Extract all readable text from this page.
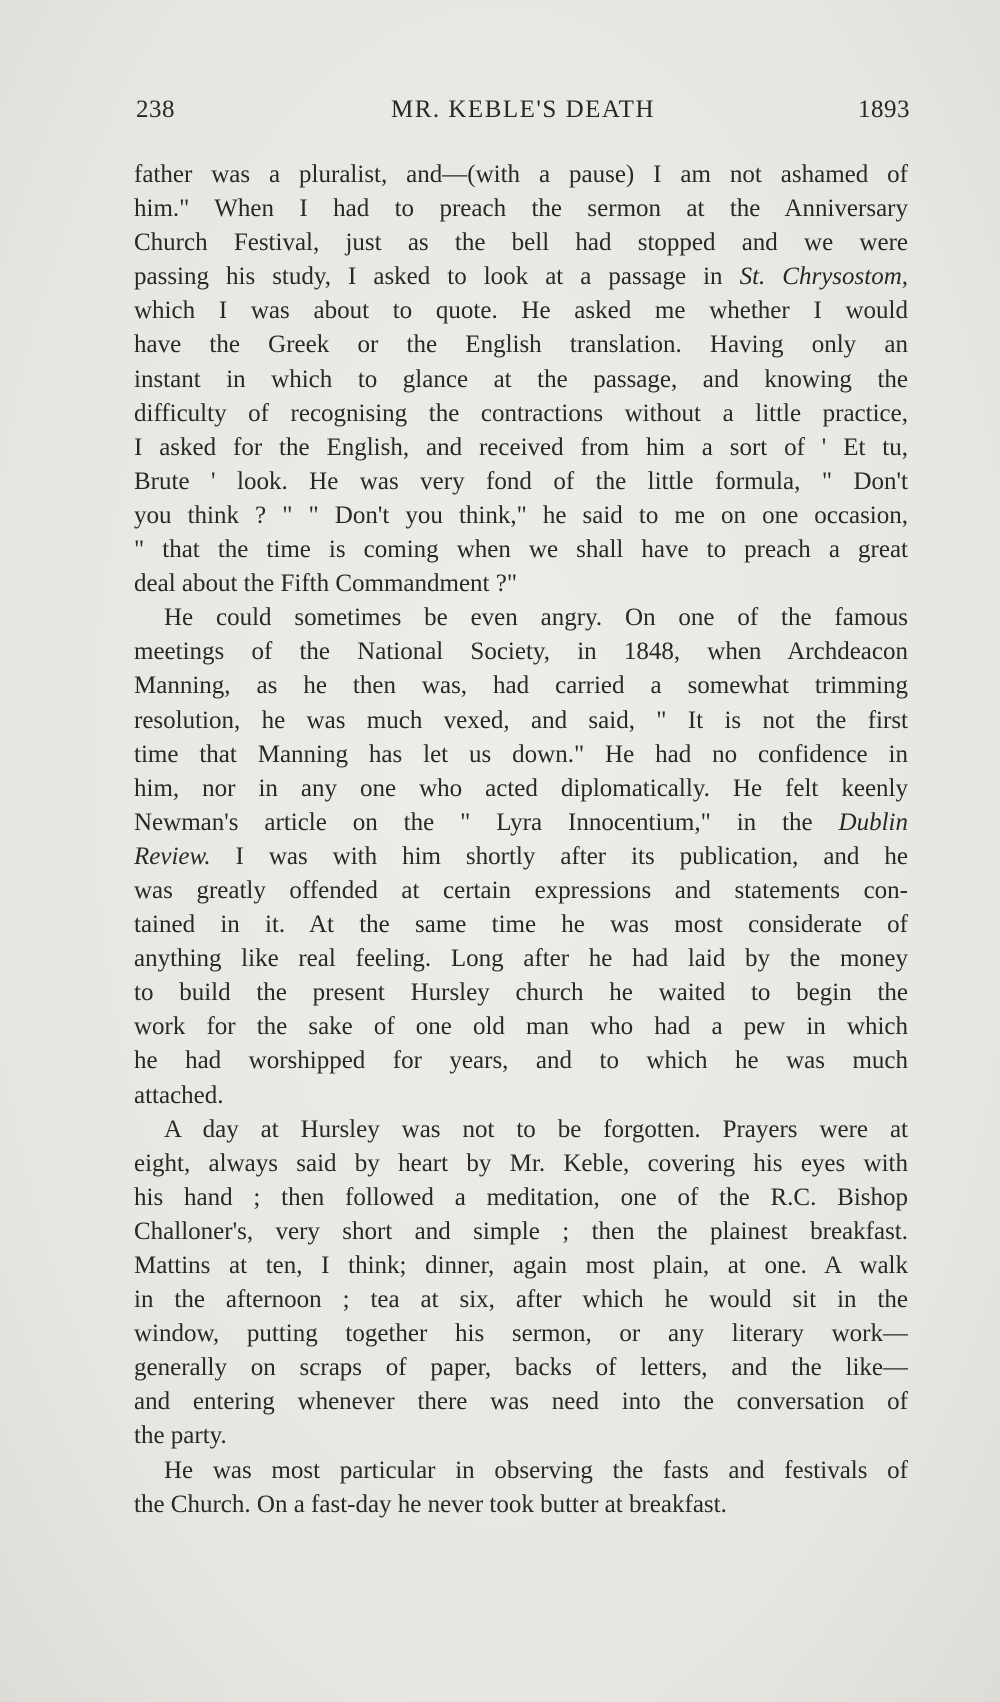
238	MR. KEBLE'S DEATH	1893
father was a pluralist, and—(with a pause) I am not ashamed of
him." When I had to preach the sermon at the Anniversary
Church Festival, just as the bell had stopped and we were
passing his study, I asked to look at a passage in St. Chrysostom,
which I was about to quote. He asked me whether I would
have the Greek or the English translation. Having only an
instant in which to glance at the passage, and knowing the
difficulty of recognising the contractions without a little practice,
I asked for the English, and received from him a sort of ' Et tu,
Brute ' look. He was very fond of the little formula, " Don't
you think ? " " Don't you think," he said to me on one occasion,
" that the time is coming when we shall have to preach a great
deal about the Fifth Commandment ?"
He could sometimes be even angry. On one of the famous
meetings of the National Society, in 1848, when Archdeacon
Manning, as he then was, had carried a somewhat trimming
resolution, he was much vexed, and said, " It is not the first
time that Manning has let us down." He had no confidence in
him, nor in any one who acted diplomatically. He felt keenly
Newman's article on the " Lyra Innocentium," in the Dublin
Review. I was with him shortly after its publication, and he
was greatly offended at certain expressions and statements con-
tained in it. At the same time he was most considerate of
anything like real feeling. Long after he had laid by the money
to build the present Hursley church he waited to begin the
work for the sake of one old man who had a pew in which
he had worshipped for years, and to which he was much
attached.
A day at Hursley was not to be forgotten. Prayers were at
eight, always said by heart by Mr. Keble, covering his eyes with
his hand ; then followed a meditation, one of the R.C. Bishop
Challoner's, very short and simple ; then the plainest breakfast.
Mattins at ten, I think; dinner, again most plain, at one. A walk
in the afternoon ; tea at six, after which he would sit in the
window, putting together his sermon, or any literary work—
generally on scraps of paper, backs of letters, and the like—
and entering whenever there was need into the conversation of
the party.
He was most particular in observing the fasts and festivals of
the Church. On a fast-day he never took butter at breakfast.
